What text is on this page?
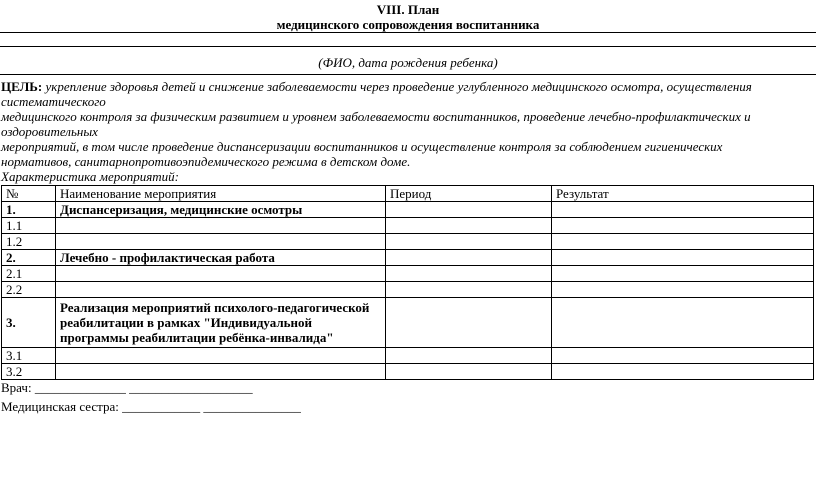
VIII. План
медицинского сопровождения воспитанника
(ФИО, дата рождения ребенка)
ЦЕЛЬ: укрепление здоровья детей и снижение заболеваемости через проведение углубленного медицинского осмотра, осуществления систематического
медицинского контроля за физическим развитием и уровнем заболеваемости воспитанников, проведение лечебно-профилактических и оздоровительных
мероприятий, в том числе проведение диспансеризации воспитанников и осуществление контроля за соблюдением гигиенических
нормативов, санитарнопротивоэпидемического режима в детском доме.
Характеристика мероприятий:
№	Наименование мероприятия	Период	Результат
1.	Диспансеризация, медицинские осмотры		
1.1			
1.2			
2.	Лечебно - профилактическая работа		
2.1			
2.2			
3.	Реализация мероприятий психолого-педагогической реабилитации в рамках "Индивидуальной программы реабилитации ребёнка-инвалида"		
3.1			
3.2			
Врач: ______________ ___________________
Медицинская сестра: ____________ _______________
